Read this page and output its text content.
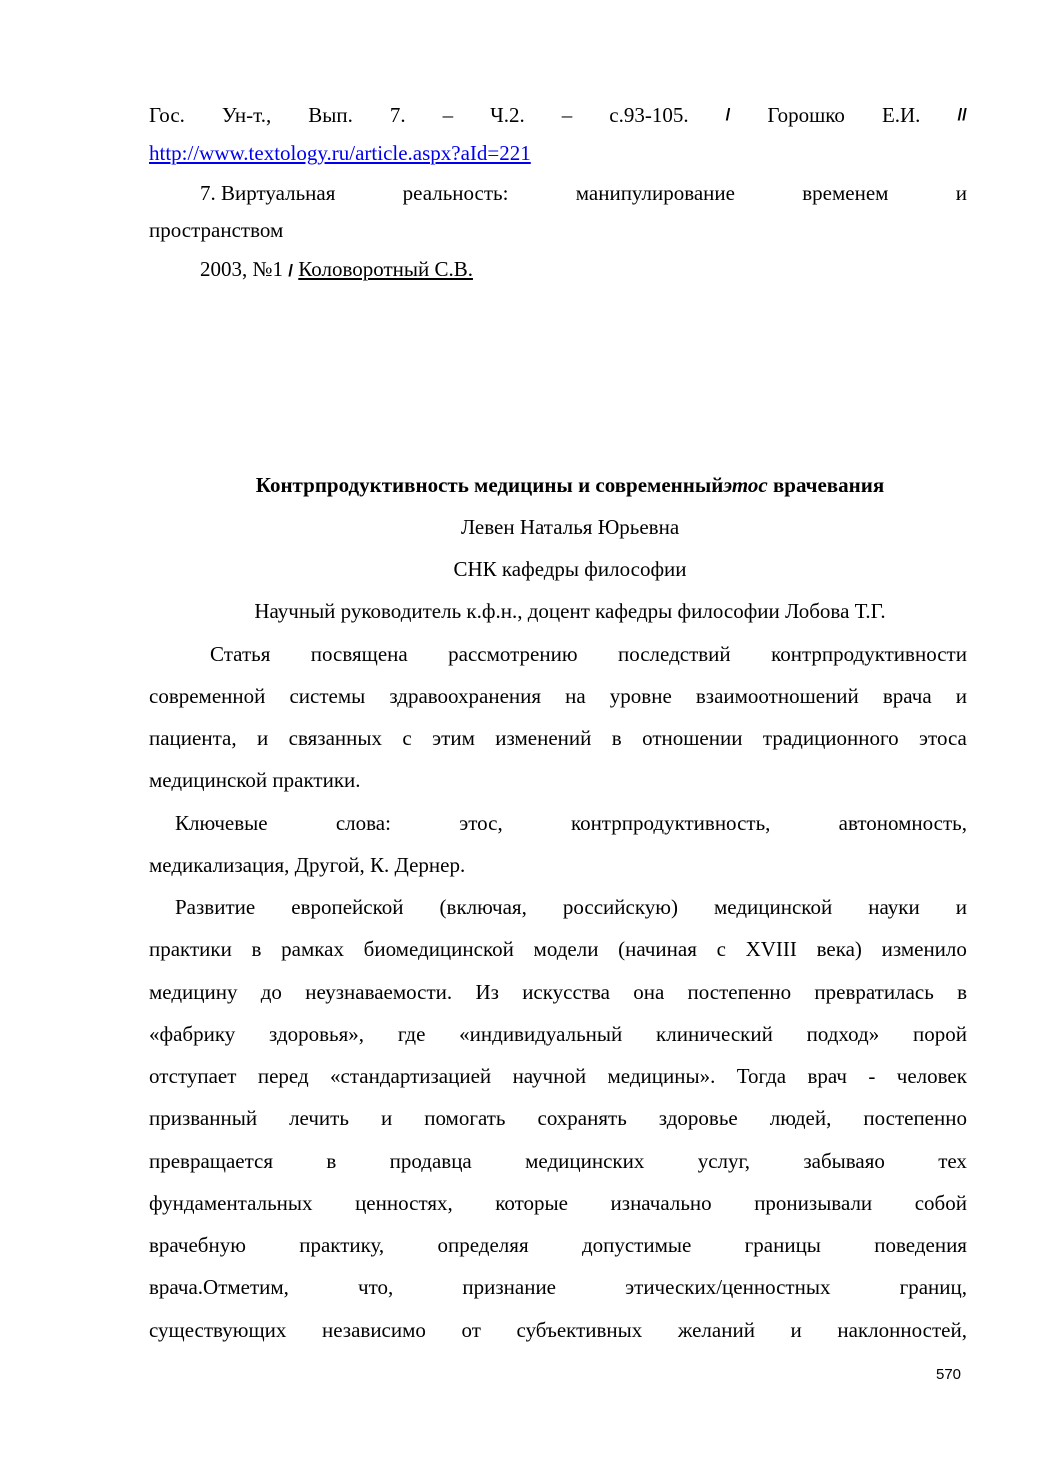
Гос. Ун-т., Вып. 7. – Ч.2. – с.93-105. / Горошко Е.И. //
http://www.textology.ru/article.aspx?aId=221
7. Виртуальная	реальность:	манипулирование	временем	и
пространством
2003, №1 / Коловоротный С.В.
Контрпродуктивность медицины и современныйэтос врачевания
Левен Наталья Юрьевна
СНК кафедры философии
Научный руководитель к.ф.н., доцент кафедры философии Лобова Т.Г.
Статья посвящена рассмотрению последствий контрпродуктивности
современной системы здравоохранения на уровне взаимоотношений врача и
пациента, и связанных с этим изменений в отношении традиционного этоса
медицинской практики.
Ключевые	слова:	этос,	контрпродуктивность,	автономность,
медикализация, Другой, К. Дернер.
Развитие европейской (включая, российскую) медицинской науки и
практики в рамках биомедицинской модели (начиная с XVIII века) изменило
медицину до неузнаваемости. Из искусства она постепенно превратилась в
«фабрику здоровья», где «индивидуальный клинический подход» порой
отступает перед «стандартизацией научной медицины». Тогда врач - человек
призванный лечить и помогать сохранять здоровье людей, постепенно
превращается	в	продавца	медицинских	услуг,	забываяо	тех
фундаментальных ценностях, которые изначально пронизывали собой
врачебную	практику,	определяя	допустимые	границы	поведения
врача.Отметим,	что,	признание	этических/ценностных	границ,
существующих независимо от субъективных желаний и наклонностей,
570
